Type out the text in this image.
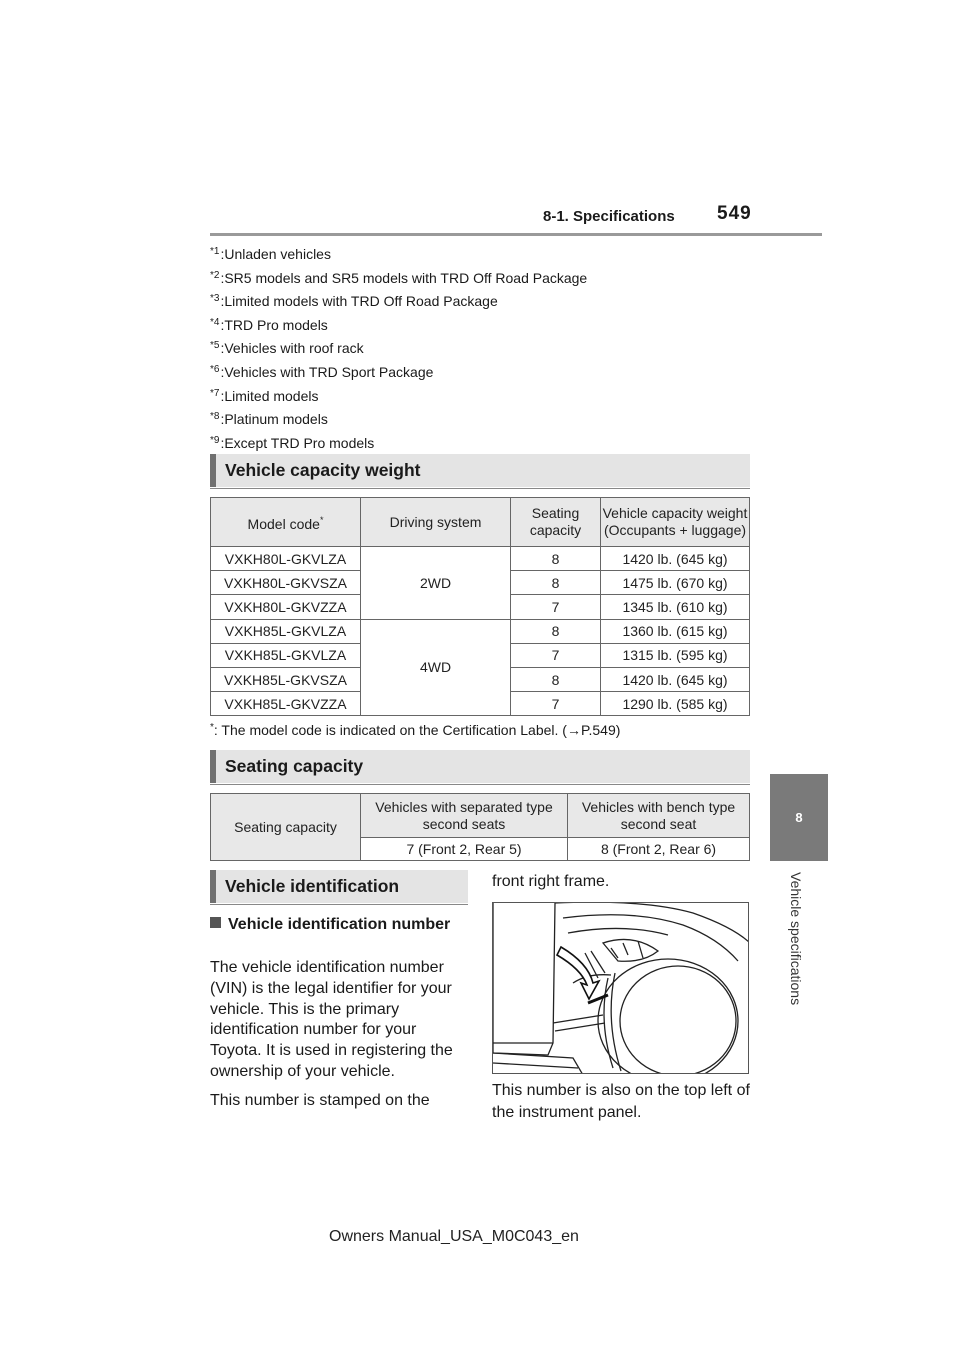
8-1. Specifications 549
8
Vehicle specifications
$^{*1}$:Unladen vehicles
$^{*2}$:SR5 models and SR5 models with TRD Off Road Package
$^{*3}$:Limited models with TRD Off Road Package
$^{*4}$:TRD Pro models
$^{*5}$:Vehicles with roof rack
$^{*6}$:Vehicles with TRD Sport Package
$^{*7}$:Limited models
$^{*8}$:Platinum models
$^{*9}$:Except TRD Pro models
Vehicle capacity weight
Model code*	Driving system	Seating capacity	Vehicle capacity weight
(Occupants + luggage)

VXKH80L-GKVLZA	2WD	8	1420 lb. (645 kg)
VXKH80L-GKVSZA		8	1475 lb. (670 kg)
VXKH80L-GKVZZA		7	1345 lb. (610 kg)
VXKH85L-GKVLZA	4WD	8	1360 lb. (615 kg)
VXKH85L-GKVLZA		7	1315 lb. (595 kg)
VXKH85L-GKVSZA		8	1420 lb. (645 kg)
VXKH85L-GKVZZA		7	1290 lb. (585 kg)
*: The model code is indicated on the Certification Label. (→P.549)
Seating capacity
Seating capacity	Vehicles with separated type second seats	Vehicles with bench type second seat
	7 (Front 2, Rear 5)	8 (Front 2, Rear 6)
Vehicle identification
Vehicle identification number

The vehicle identification number (VIN) is the legal identifier for your vehicle. This is the primary identification number for your Toyota. It is used in registering the ownership of your vehicle.

This number is stamped on the

front right frame.
This number is also on the top left of the instrument panel.
Owners Manual_USA_M0C043_en
